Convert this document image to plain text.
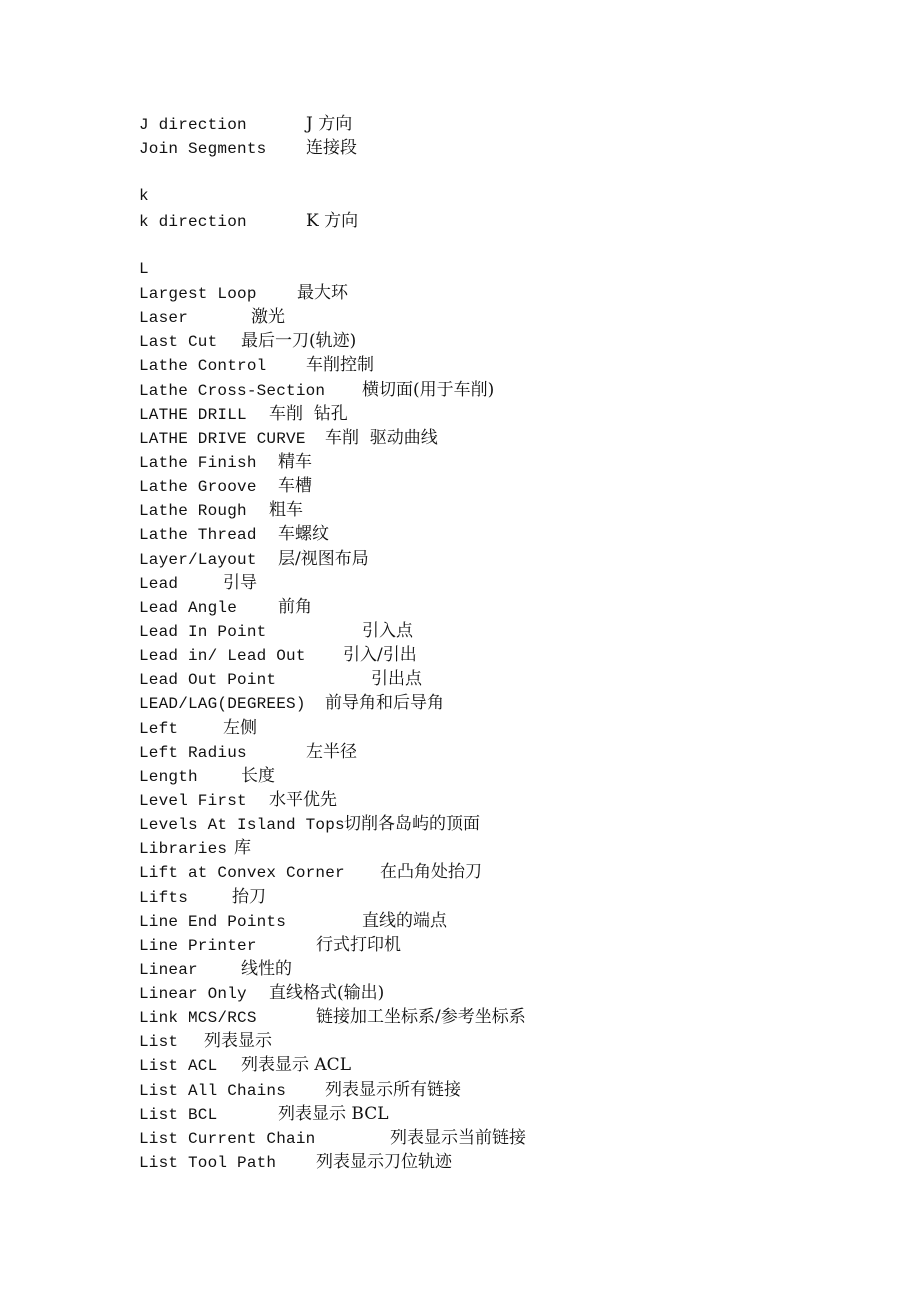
J direction	J 方向
Join Segments 连接段
k
k direction	K 方向
L
Largest Loop 最大环
Laser	激光
Last Cut 最后一刀(轨迹)
Lathe Control 车削控制
Lathe Cross-Section 横切面(用于车削)
LATHE DRILL 车削  钻孔
LATHE DRIVE CURVE 车削  驱动曲线
Lathe Finish 精车
Lathe Groove 车槽
Lathe Rough 粗车
Lathe Thread 车螺纹
Layer/Layout 层/视图布局
Lead	引导
Lead Angle 前角
Lead In Point	引入点
Lead in/ Lead Out 引入/引出
Lead Out Point	引出点
LEAD/LAG(DEGREES) 前导角和后导角
Left	左侧
Left Radius	左半径
Length	长度
Level First 水平优先
Levels At Island Tops 切削各岛屿的顶面
Libraries 库
Lift at Convex Corner 在凸角处抬刀
Lifts	抬刀
Line End Points	直线的端点
Line Printer	行式打印机
Linear	线性的
Linear Only 直线格式(输出)
Link MCS/RCS	链接加工坐标系/参考坐标系
List 列表显示
List ACL 列表显示 ACL
List All Chains 列表显示所有链接
List BCL	列表显示 BCL
List Current Chain	列表显示当前链接
List Tool Path 列表显示刀位轨迹
